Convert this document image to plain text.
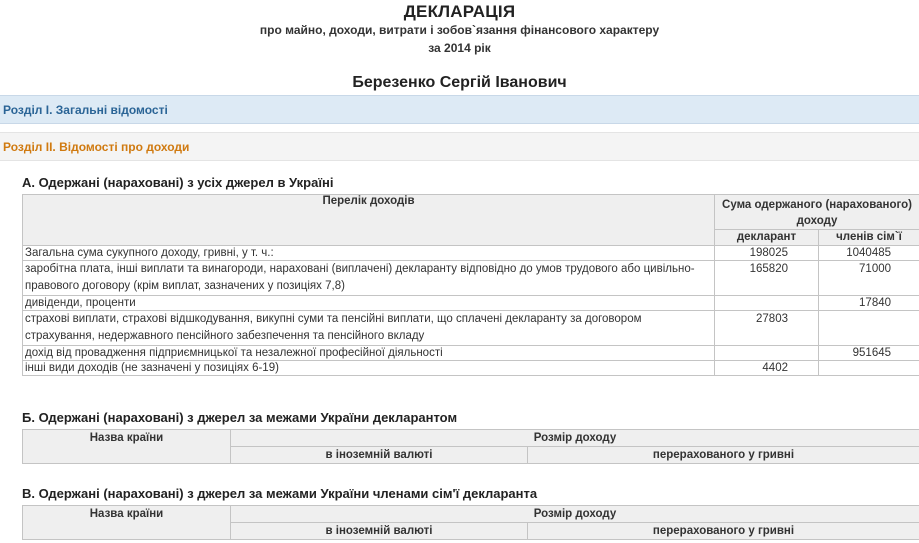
ДЕКЛАРАЦІЯ
про майно, доходи, витрати і зобов`язання фінансового характеру
за 2014 рік
Березенко Сергій Іванович
Розділ І. Загальні відомості
Розділ ІІ. Відомості про доходи
А. Одержані (нараховані) з усіх джерел в Україні
Перелік доходів	Сума одержаного (нарахованого) доходу	
	декларант	членів сім`ї
Загальна сума сукупного доходу, гривні, у т. ч.:	198025	1040485
заробітна плата, інші виплати та винагороди, нараховані (виплачені) декларанту відповідно до умов трудового або цивільно-правового договору (крім виплат, зазначених у позиціях 7,8)	165820	71000
дивіденди, проценти		17840
страхові виплати, страхові відшкодування, викупні суми та пенсійні виплати, що сплачені декларанту за договором страхування, недержавного пенсійного забезпечення та пенсійного вкладу	27803	
дохід від провадження підприємницької та незалежної професійної діяльності		951645
інші види доходів (не зазначені у позиціях 6-19)	4402	
Б. Одержані (нараховані) з джерел за межами України декларантом
Назва країни	Розмір доходу	
	в іноземній валюті	перерахованого у гривні
В. Одержані (нараховані) з джерел за межами України членами сім'ї декларанта
Назва країни	Розмір доходу	
	в іноземній валюті	перерахованого у гривні
